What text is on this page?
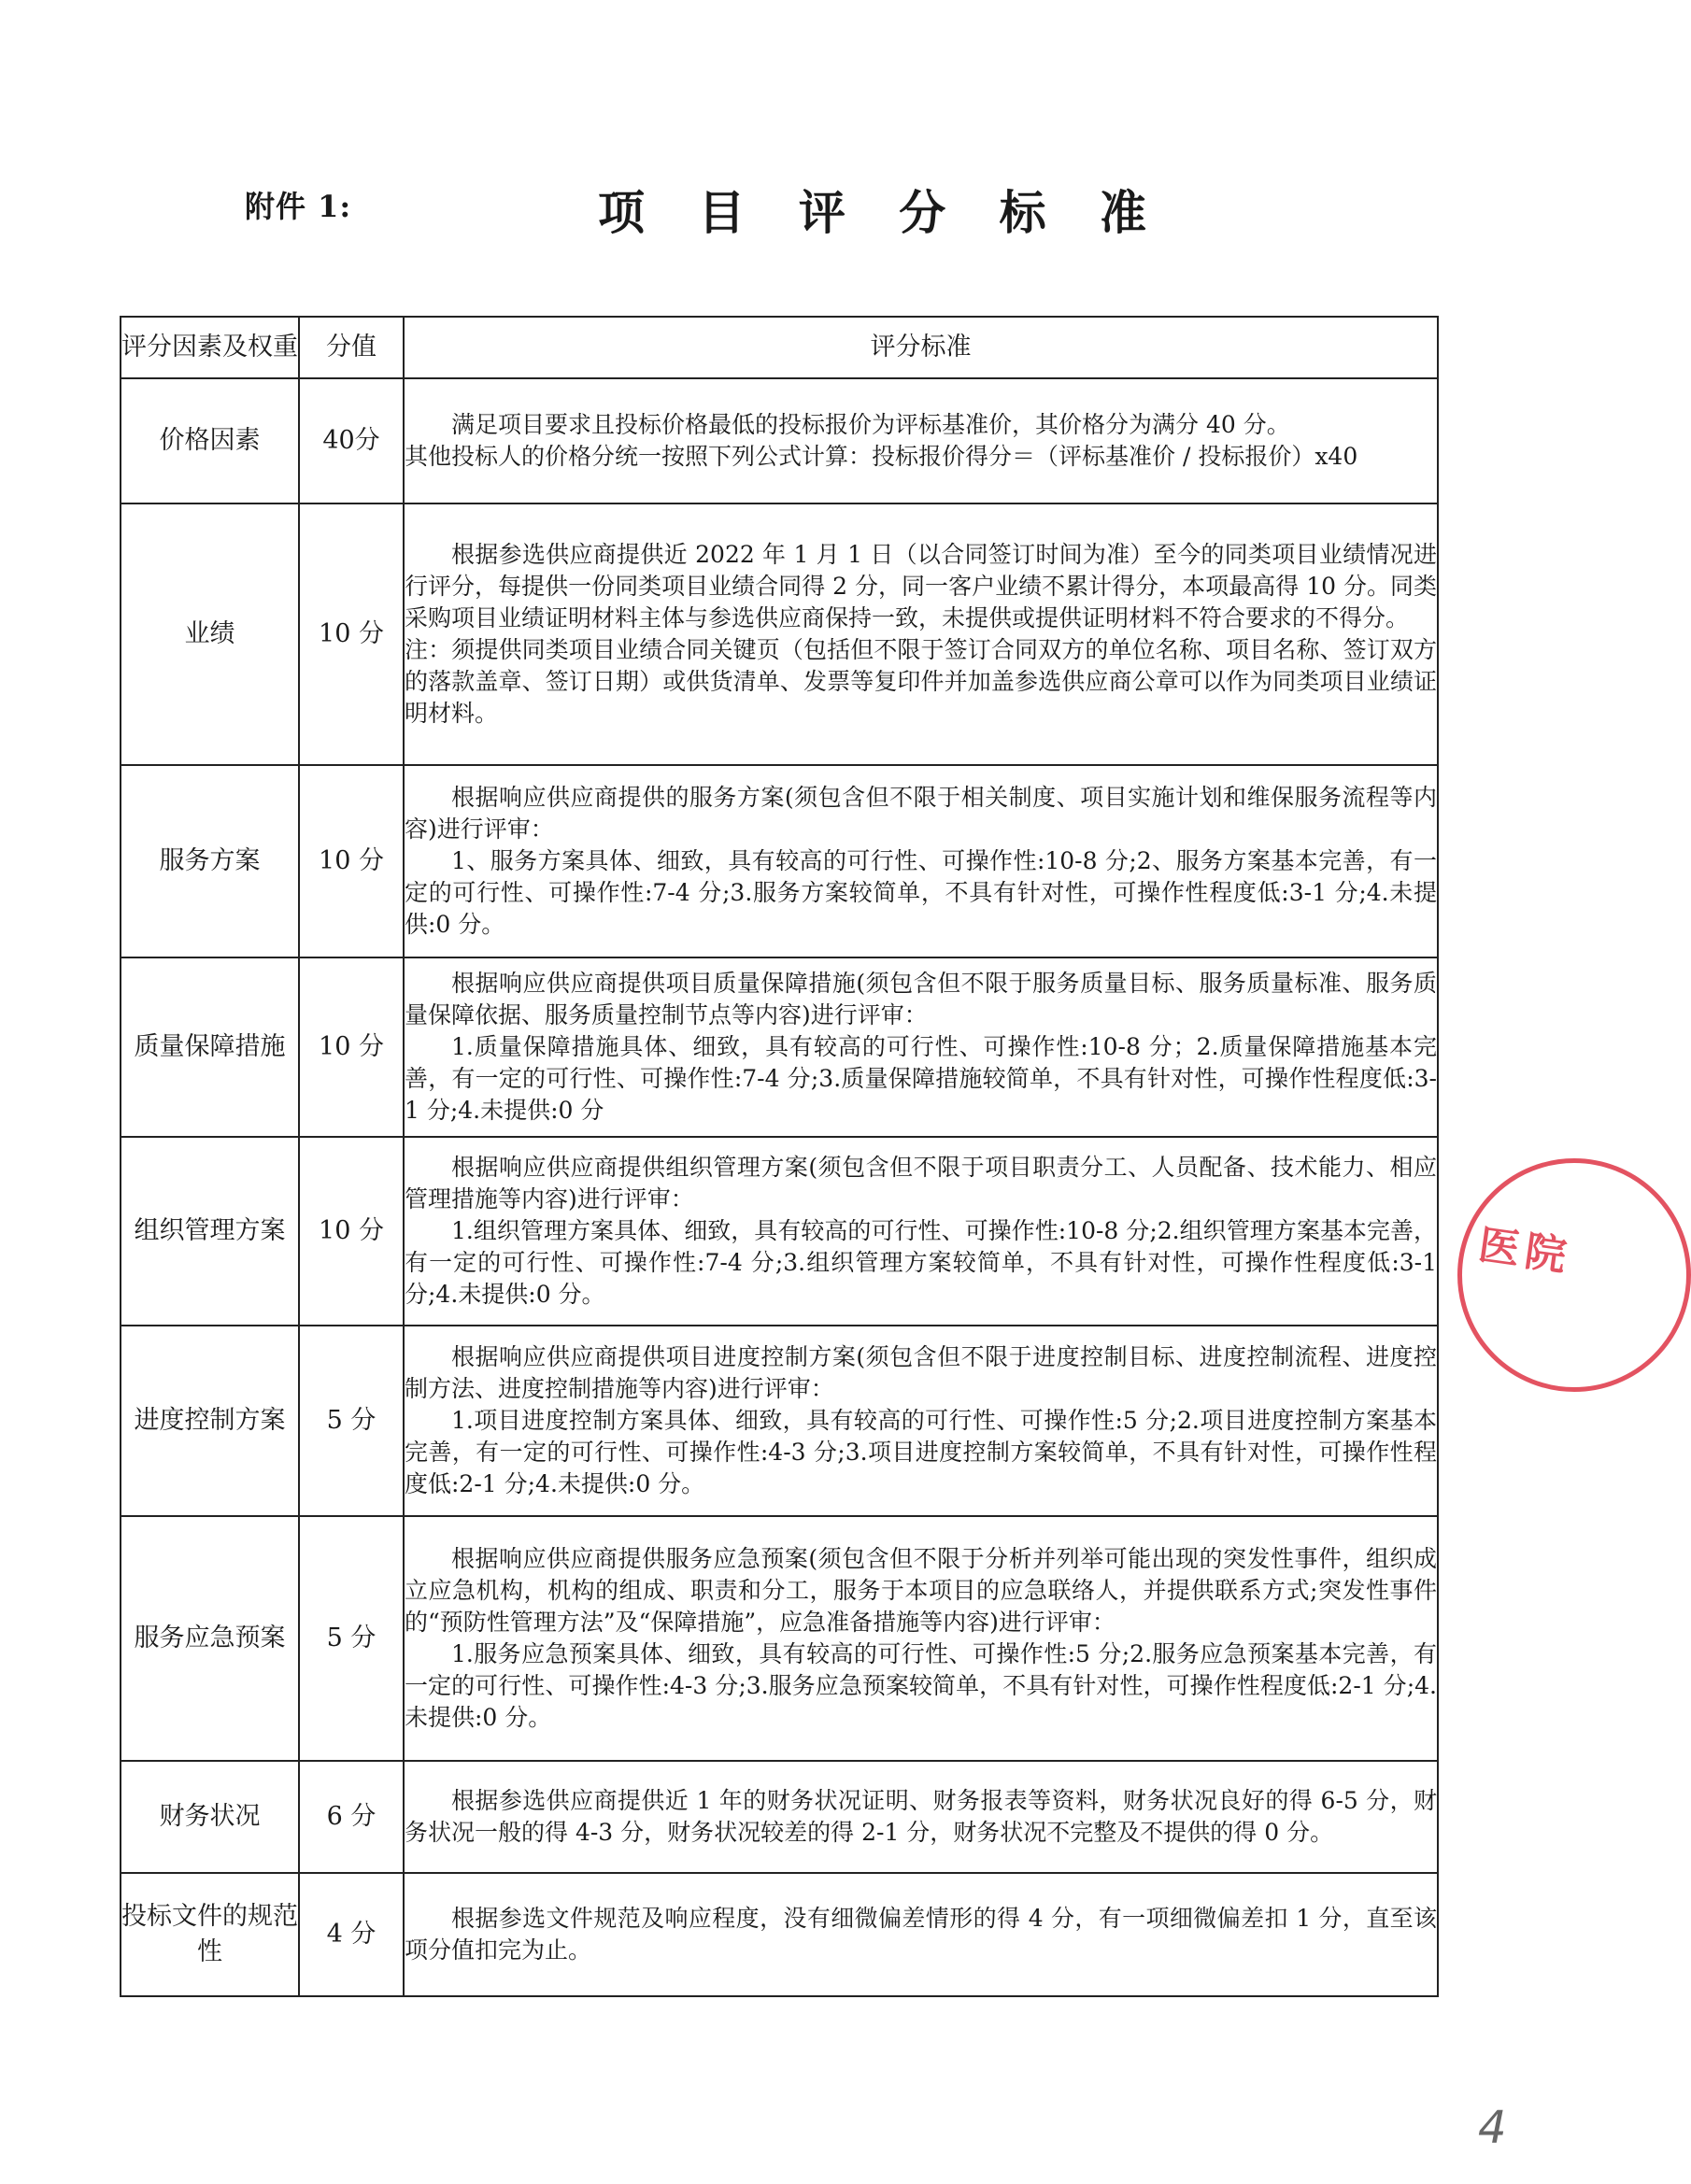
附件 1:	项 目 评 分 标 准
评分因素及权重	分值	评分标准
价格因素	40分	满足项目要求且投标价格最低的投标报价为评标基准价，其价格分为满分 40 分。

其他投标人的价格分统一按照下列公式计算：投标报价得分＝（评标基准价 / 投标报价）x40

业绩	10 分	根据参选供应商提供近 2022 年 1 月 1 日（以合同签订时间为准）至今的同类项目业绩情况进行评分，每提供一份同类项目业绩合同得 2 分，同一客户业绩不累计得分，本项最高得 10 分。同类采购项目业绩证明材料主体与参选供应商保持一致，未提供或提供证明材料不符合要求的不得分。

注：须提供同类项目业绩合同关键页（包括但不限于签订合同双方的单位名称、项目名称、签订双方的落款盖章、签订日期）或供货清单、发票等复印件并加盖参选供应商公章可以作为同类项目业绩证明材料。

服务方案	10 分	根据响应供应商提供的服务方案(须包含但不限于相关制度、项目实施计划和维保服务流程等内容)进行评审：

1、服务方案具体、细致，具有较高的可行性、可操作性:10-8 分;2、服务方案基本完善，有一定的可行性、可操作性:7-4 分;3.服务方案较简单，不具有针对性，可操作性程度低:3-1 分;4.未提供:0 分。

质量保障措施	10 分	根据响应供应商提供项目质量保障措施(须包含但不限于服务质量目标、服务质量标准、服务质量保障依据、服务质量控制节点等内容)进行评审：

1.质量保障措施具体、细致，具有较高的可行性、可操作性:10-8 分；2.质量保障措施基本完善，有一定的可行性、可操作性:7-4 分;3.质量保障措施较简单，不具有针对性，可操作性程度低:3-1 分;4.未提供:0 分

组织管理方案	10 分	根据响应供应商提供组织管理方案(须包含但不限于项目职责分工、人员配备、技术能力、相应管理措施等内容)进行评审：

1.组织管理方案具体、细致，具有较高的可行性、可操作性:10-8 分;2.组织管理方案基本完善，有一定的可行性、可操作性:7-4 分;3.组织管理方案较简单，不具有针对性，可操作性程度低:3-1 分;4.未提供:0 分。

进度控制方案	5 分	根据响应供应商提供项目进度控制方案(须包含但不限于进度控制目标、进度控制流程、进度控制方法、进度控制措施等内容)进行评审：

1.项目进度控制方案具体、细致，具有较高的可行性、可操作性:5 分;2.项目进度控制方案基本完善，有一定的可行性、可操作性:4-3 分;3.项目进度控制方案较简单，不具有针对性，可操作性程度低:2-1 分;4.未提供:0 分。

服务应急预案	5 分	根据响应供应商提供服务应急预案(须包含但不限于分析并列举可能出现的突发性事件，组织成立应急机构，机构的组成、职责和分工，服务于本项目的应急联络人，并提供联系方式;突发性事件的“预防性管理方法”及“保障措施”，应急准备措施等内容)进行评审：

1.服务应急预案具体、细致，具有较高的可行性、可操作性:5 分;2.服务应急预案基本完善，有一定的可行性、可操作性:4-3 分;3.服务应急预案较简单，不具有针对性，可操作性程度低:2-1 分;4.未提供:0 分。

财务状况	6 分	根据参选供应商提供近 1 年的财务状况证明、财务报表等资料，财务状况良好的得 6-5 分，财务状况一般的得 4-3 分，财务状况较差的得 2-1 分，财务状况不完整及不提供的得 0 分。

投标文件的规范性	4 分	根据参选文件规范及响应程度，没有细微偏差情形的得 4 分，有一项细微偏差扣 1 分，直至该项分值扣完为止。

医院
4
